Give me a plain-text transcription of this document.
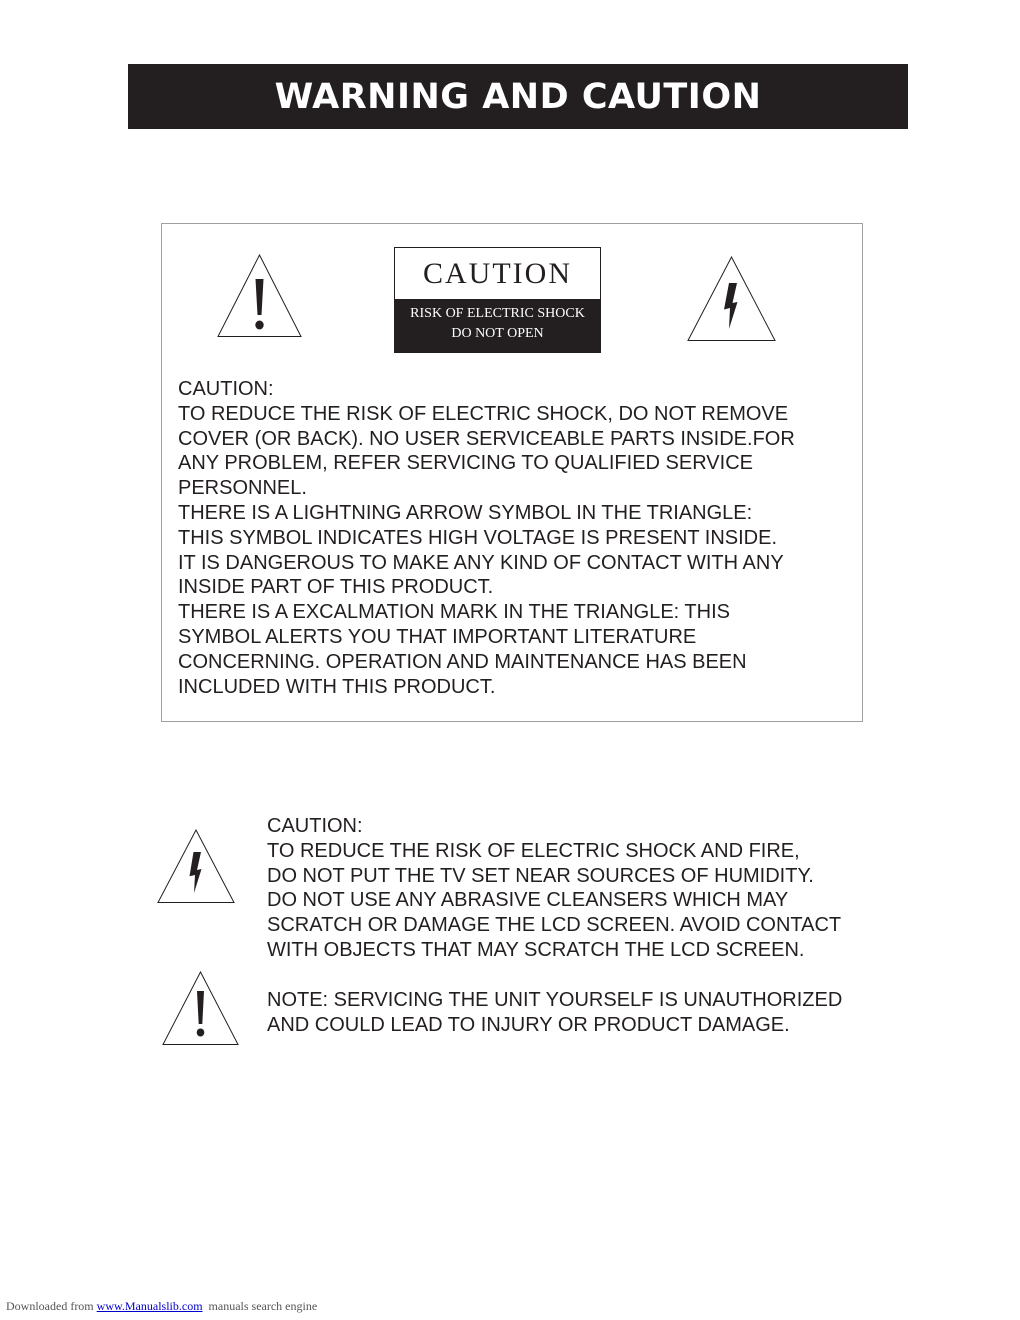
WARNING AND CAUTION
CAUTION
RISK OF ELECTRIC SHOCK
DO NOT OPEN

CAUTION:

TO REDUCE THE RISK OF ELECTRIC SHOCK, DO NOT REMOVE

COVER (OR BACK). NO USER SERVICEABLE PARTS INSIDE.FOR

ANY PROBLEM, REFER SERVICING TO QUALIFIED SERVICE

PERSONNEL.

THERE IS A LIGHTNING ARROW SYMBOL IN THE TRIANGLE:

THIS SYMBOL INDICATES HIGH VOLTAGE IS PRESENT INSIDE.

IT IS DANGEROUS TO MAKE ANY KIND OF CONTACT WITH ANY

INSIDE PART OF THIS PRODUCT.

THERE IS A EXCALMATION MARK IN THE TRIANGLE: THIS

SYMBOL ALERTS YOU THAT IMPORTANT LITERATURE

CONCERNING. OPERATION AND MAINTENANCE HAS BEEN

INCLUDED WITH THIS PRODUCT.

CAUTION:

TO REDUCE THE RISK OF ELECTRIC SHOCK AND FIRE,

DO NOT PUT THE TV SET NEAR SOURCES OF HUMIDITY.

DO NOT USE ANY ABRASIVE CLEANSERS WHICH MAY

SCRATCH OR DAMAGE THE LCD SCREEN. AVOID CONTACT

WITH OBJECTS THAT MAY SCRATCH THE LCD SCREEN.

NOTE: SERVICING THE UNIT YOURSELF IS UNAUTHORIZED

AND COULD LEAD TO INJURY OR PRODUCT DAMAGE.

Downloaded from www.Manualslib.com manuals search engine
